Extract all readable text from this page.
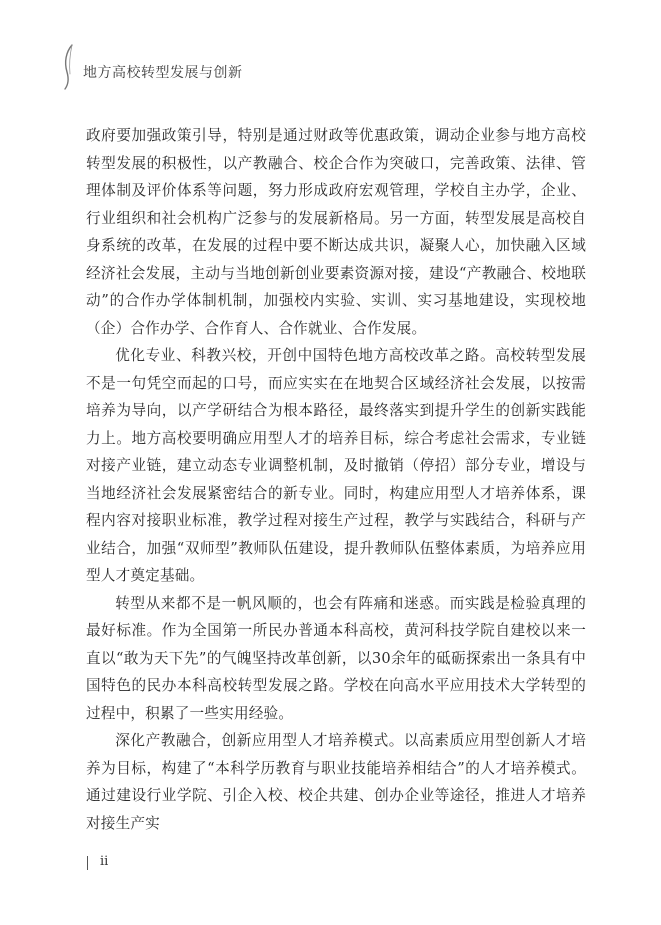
地方高校转型发展与创新

政府要加强政策引导，特别是通过财政等优惠政策，调动企业参与地方高校转型发展的积极性，以产教融合、校企合作为突破口，完善政策、法律、管理体制及评价体系等问题，努力形成政府宏观管理，学校自主办学，企业、行业组织和社会机构广泛参与的发展新格局。另一方面，转型发展是高校自身系统的改革，在发展的过程中要不断达成共识，凝聚人心，加快融入区域经济社会发展，主动与当地创新创业要素资源对接，建设“产教融合、校地联动”的合作办学体制机制，加强校内实验、实训、实习基地建设，实现校地（企）合作办学、合作育人、合作就业、合作发展。

优化专业、科教兴校，开创中国特色地方高校改革之路。高校转型发展不是一句凭空而起的口号，而应实实在在地契合区域经济社会发展，以按需培养为导向，以产学研结合为根本路径，最终落实到提升学生的创新实践能力上。地方高校要明确应用型人才的培养目标，综合考虑社会需求，专业链对接产业链，建立动态专业调整机制，及时撤销（停招）部分专业，增设与当地经济社会发展紧密结合的新专业。同时，构建应用型人才培养体系，课程内容对接职业标准，教学过程对接生产过程，教学与实践结合，科研与产业结合，加强“双师型”教师队伍建设，提升教师队伍整体素质，为培养应用型人才奠定基础。

转型从来都不是一帆风顺的，也会有阵痛和迷惑。而实践是检验真理的最好标准。作为全国第一所民办普通本科高校，黄河科技学院自建校以来一直以“敢为天下先”的气魄坚持改革创新，以30余年的砥砺探索出一条具有中国特色的民办本科高校转型发展之路。学校在向高水平应用技术大学转型的过程中，积累了一些实用经验。

深化产教融合，创新应用型人才培养模式。以高素质应用型创新人才培养为目标，构建了“本科学历教育与职业技能培养相结合”的人才培养模式。通过建设行业学院、引企入校、校企共建、创办企业等途径，推进人才培养对接生产实

ii
